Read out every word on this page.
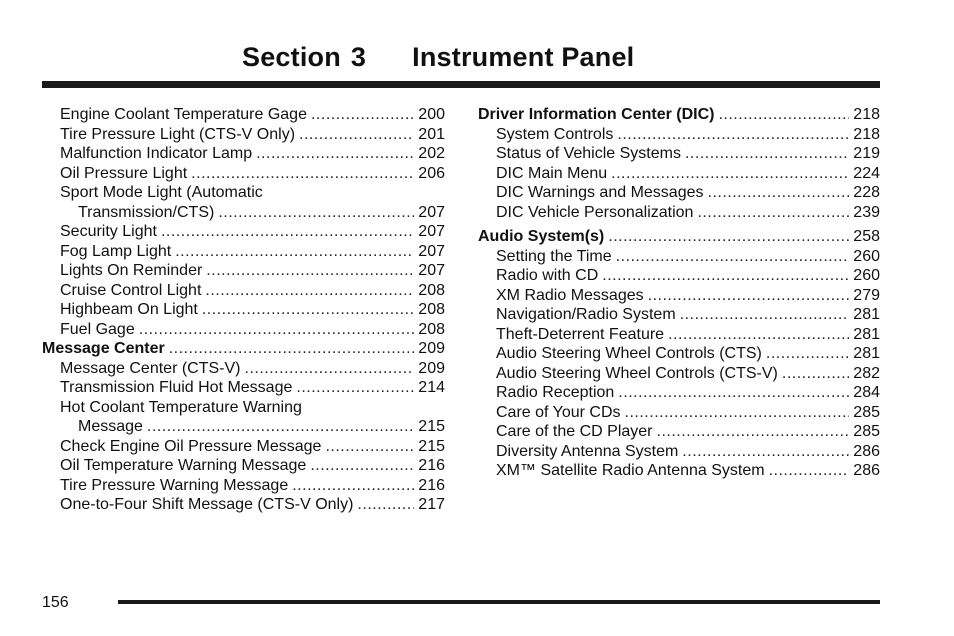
Section 3 Instrument Panel
Engine Coolant Temperature Gage .....	200
Tire Pressure Light (CTS-V Only) .....	201
Malfunction Indicator Lamp .....	202
Oil Pressure Light .....	206
Sport Mode Light (Automatic
Transmission/CTS) .....	207
Security Light .....	207
Fog Lamp Light .....	207
Lights On Reminder .....	207
Cruise Control Light .....	208
Highbeam On Light .....	208
Fuel Gage .....	208
Message Center .....	209
Message Center (CTS-V) .....	209
Transmission Fluid Hot Message .....	214
Hot Coolant Temperature Warning
Message .....	215
Check Engine Oil Pressure Message .....	215
Oil Temperature Warning Message .....	216
Tire Pressure Warning Message .....	216
One-to-Four Shift Message (CTS-V Only) .....	217
Driver Information Center (DIC) .....	218
System Controls .....	218
Status of Vehicle Systems .....	219
DIC Main Menu .....	224
DIC Warnings and Messages .....	228
DIC Vehicle Personalization .....	239
Audio System(s) .....	258
Setting the Time .....	260
Radio with CD .....	260
XM Radio Messages .....	279
Navigation/Radio System .....	281
Theft-Deterrent Feature .....	281
Audio Steering Wheel Controls (CTS) .....	281
Audio Steering Wheel Controls (CTS-V) .....	282
Radio Reception .....	284
Care of Your CDs .....	285
Care of the CD Player .....	285
Diversity Antenna System .....	286
XM™ Satellite Radio Antenna System .....	286
156
